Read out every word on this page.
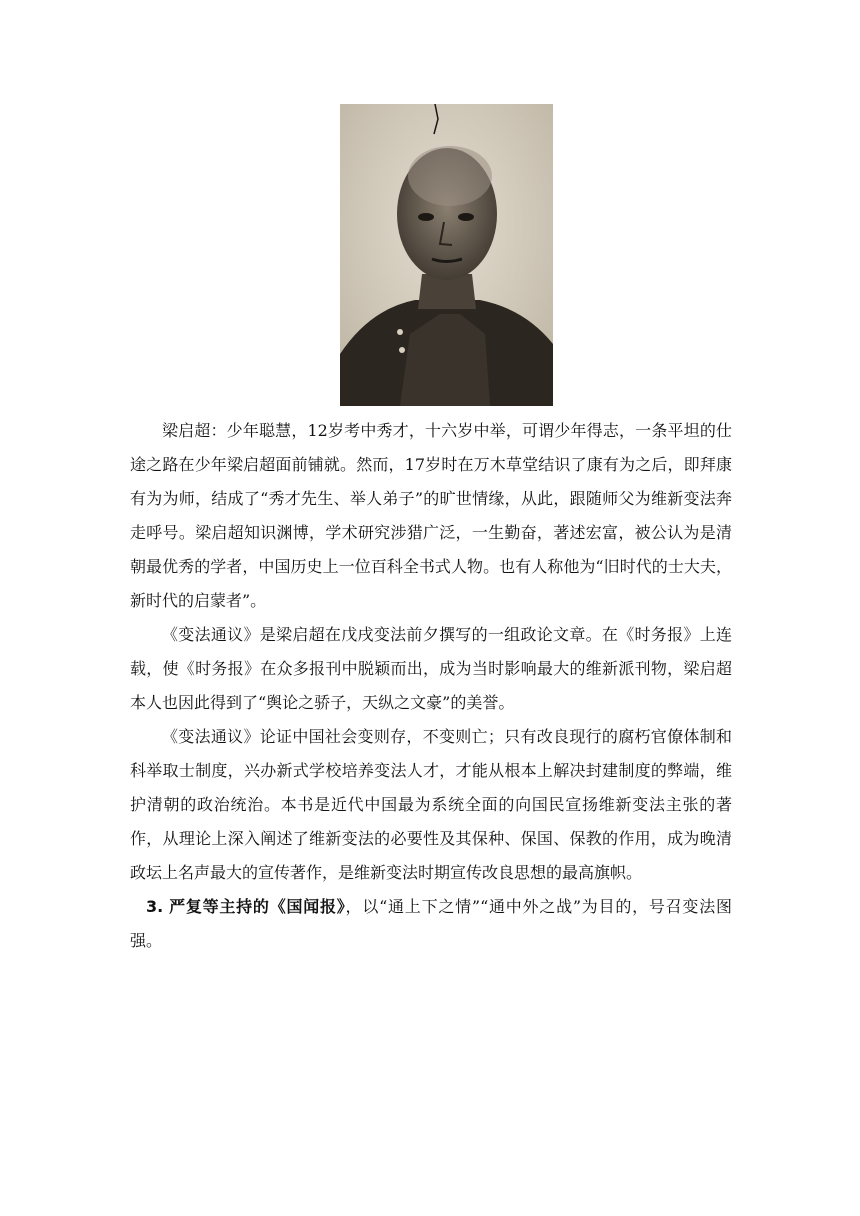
梁启超：少年聪慧，12岁考中秀才，十六岁中举，可谓少年得志，一条平坦的仕途之路在少年梁启超面前铺就。然而，17岁时在万木草堂结识了康有为之后，即拜康有为为师，结成了“秀才先生、举人弟子”的旷世情缘，从此，跟随师父为维新变法奔走呼号。梁启超知识渊博，学术研究涉猎广泛，一生勤奋，著述宏富，被公认为是清朝最优秀的学者，中国历史上一位百科全书式人物。也有人称他为“旧时代的士大夫，新时代的启蒙者”。

《变法通议》是梁启超在戊戌变法前夕撰写的一组政论文章。在《时务报》上连载，使《时务报》在众多报刊中脱颖而出，成为当时影响最大的维新派刊物，梁启超本人也因此得到了“舆论之骄子，天纵之文豪”的美誉。

《变法通议》论证中国社会变则存，不变则亡；只有改良现行的腐朽官僚体制和科举取士制度，兴办新式学校培养变法人才，才能从根本上解决封建制度的弊端，维护清朝的政治统治。本书是近代中国最为系统全面的向国民宣扬维新变法主张的著作，从理论上深入阐述了维新变法的必要性及其保种、保国、保教的作用，成为晚清政坛上名声最大的宣传著作，是维新变法时期宣传改良思想的最高旗帜。

3. 严复等主持的《国闻报》，以“通上下之情”“通中外之战”为目的，号召变法图强。
